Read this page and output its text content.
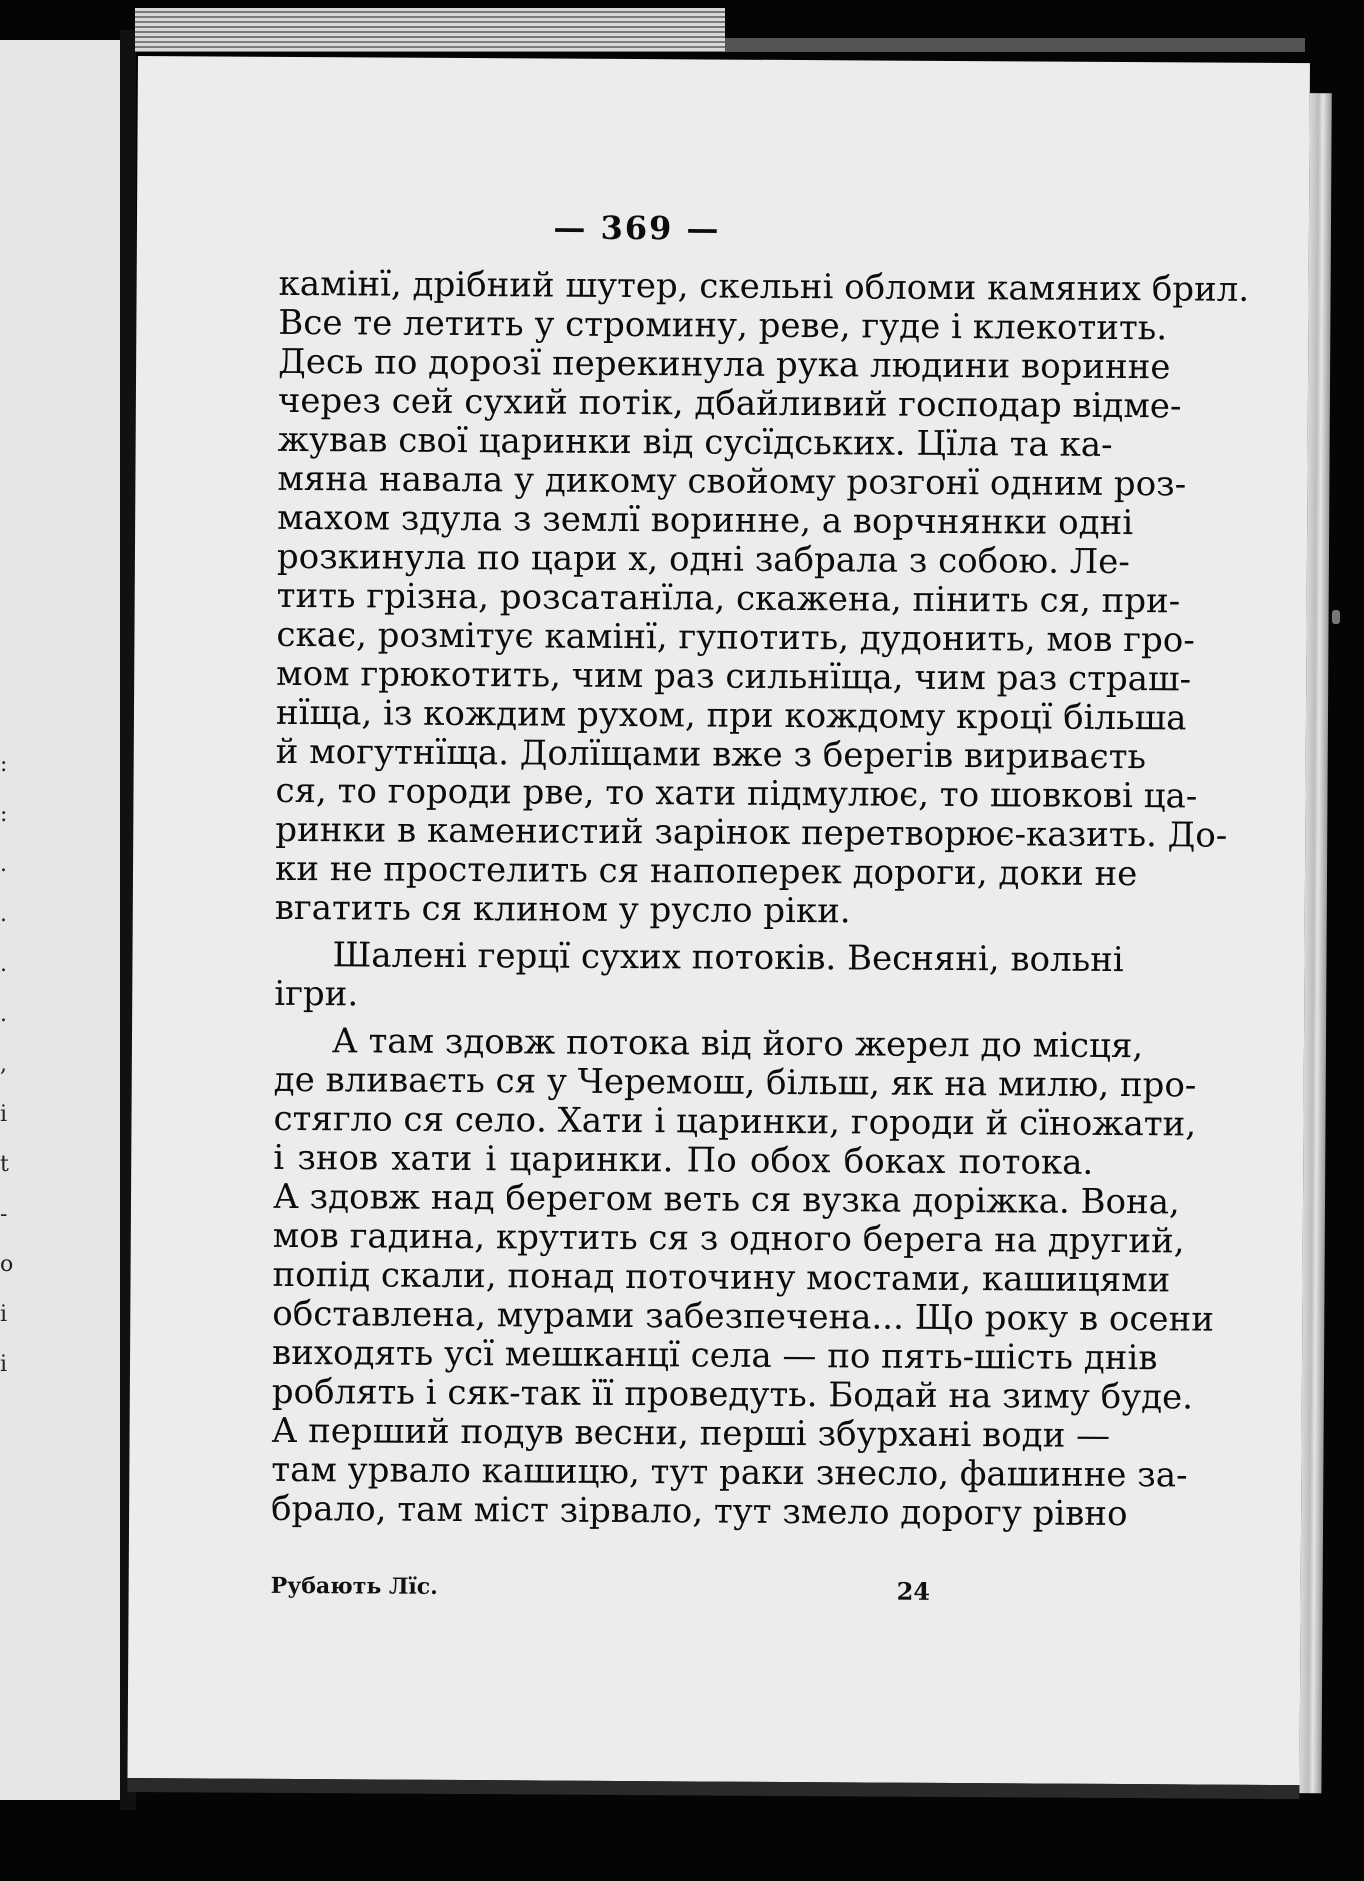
: : . . . . , i t - o i i
— 369 —
камінї, дрібний шутер, скельні обломи камяних брил.
Все те летить у стромину, реве, гуде і клекотить.
Десь по дорозї перекинула рука людини воринне
через сей сухий потік, дбайливий господар відме-
жував свої царинки від сусїдських. Цїла та ка-
мяна навала у дикому свойому розгонї одним роз-
махом здула з землї воринне, а ворчнянки одні
розкинула по цари х, одні забрала з собою. Ле-
тить грізна, розсатанїла, скажена, пінить ся, при-
скає, розмітує камінї, гупотить, дудонить, мов гро-
мом грюкотить, чим раз сильнїща, чим раз страш-
нїща, із кождим рухом, при кождому кроцї більша
й могутнїща. Долїщами вже з берегів вириваєть
ся, то городи рве, то хати підмулює, то шовкові ца-
ринки в каменистий зарінок перетворює-казить. До-
ки не простелить ся напоперек дороги, доки не
вгатить ся клином у русло ріки.
Шалені герцї сухих потоків. Весняні, вольні
ігри.
А там здовж потока від його жерел до місця,
де вливаєть ся у Черемош, більш, як на милю, про-
стягло ся село. Хати і царинки, городи й сїножати,
і знов хати і царинки. По обох боках потока.
А здовж над берегом веть ся вузка доріжка. Вона,
мов гадина, крутить ся з одного берега на другий,
попід скали, понад поточину мостами, кашицями
обставлена, мурами забезпечена... Що року в осени
виходять усї мешканцї села — по пять-шість днів
роблять і сяк-так її проведуть. Бодай на зиму буде.
А перший подув весни, перші збурхані води —
там урвало кашицю, тут раки знесло, фашинне за-
брало, там міст зірвало, тут змело дорогу рівно
Рубають Лїс.	24
